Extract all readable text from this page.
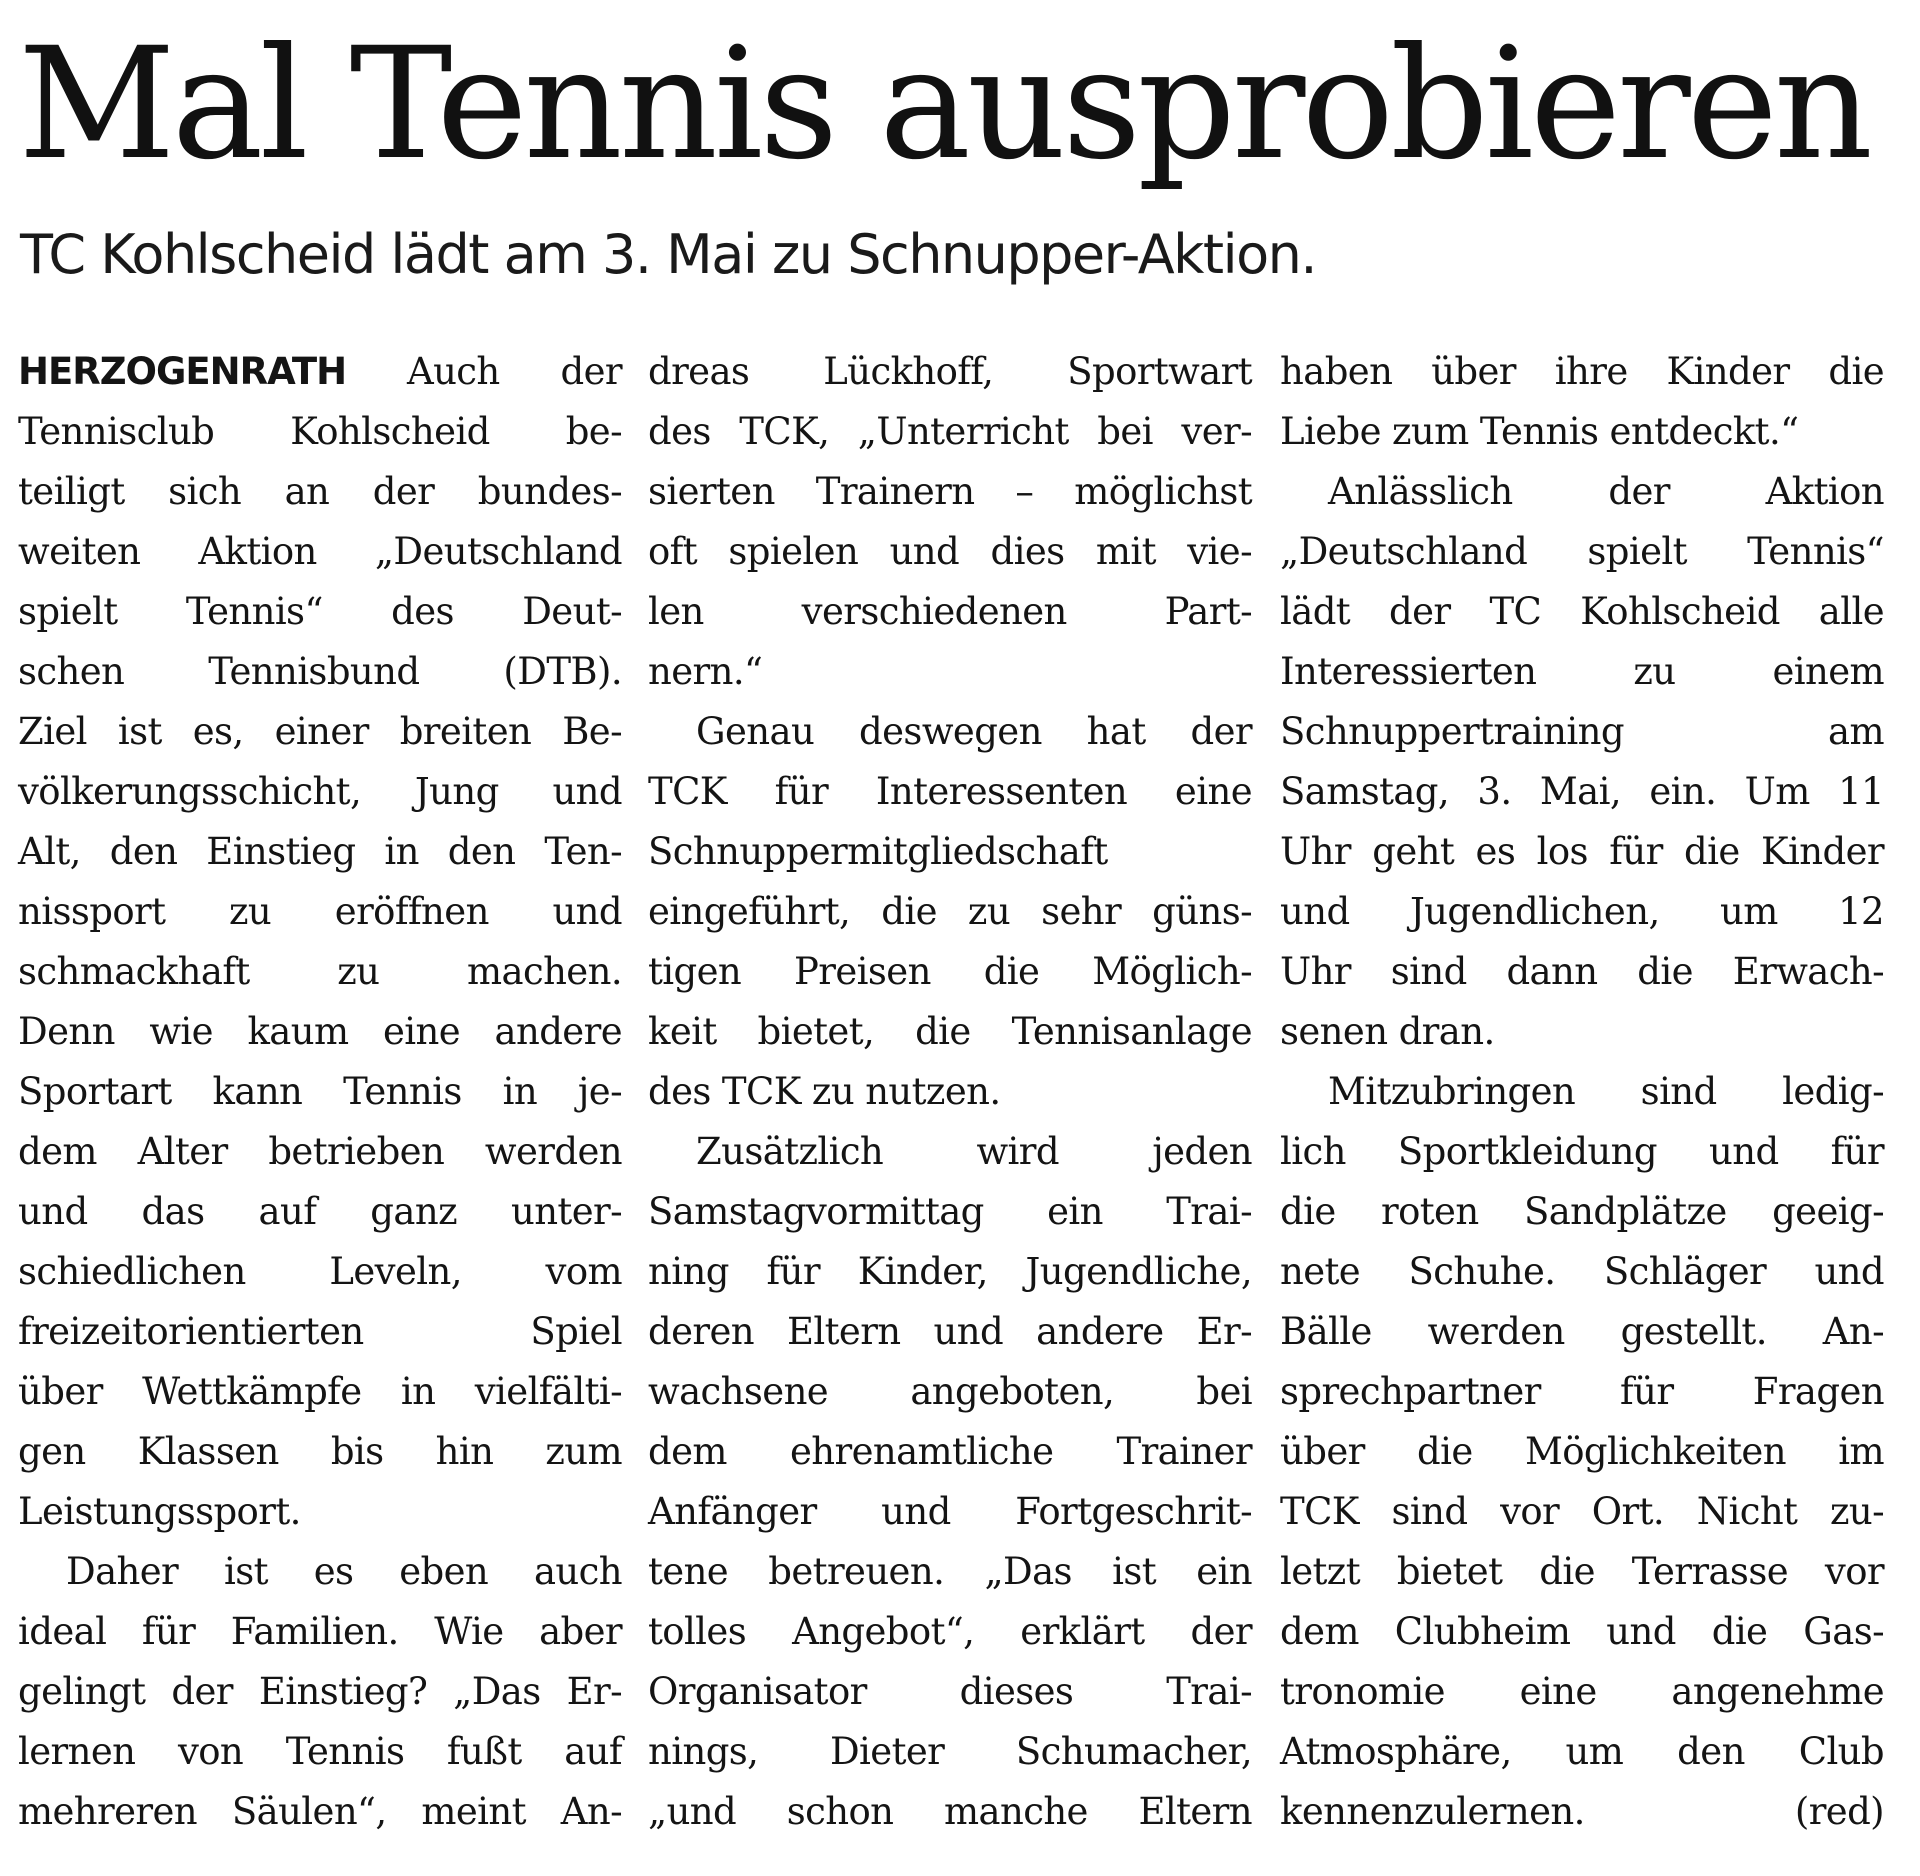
Mal Tennis ausprobieren
TC Kohlscheid lädt am 3. Mai zu Schnupper-Aktion.
HERZOGENRATH Auch der
Tennisclub Kohlscheid be-
teiligt sich an der bundes-
weiten Aktion „Deutschland
spielt Tennis“ des Deut-
schen Tennisbund (DTB).
Ziel ist es, einer breiten Be-
völkerungsschicht, Jung und
Alt, den Einstieg in den Ten-
nissport zu eröffnen und
schmackhaft zu machen.
Denn wie kaum eine andere
Sportart kann Tennis in je-
dem Alter betrieben werden
und das auf ganz unter-
schiedlichen Leveln, vom
freizeitorientierten Spiel
über Wettkämpfe in vielfälti-
gen Klassen bis hin zum
Leistungssport.
Daher ist es eben auch
ideal für Familien. Wie aber
gelingt der Einstieg? „Das Er-
lernen von Tennis fußt auf
mehreren Säulen“, meint An-
dreas Lückhoff, Sportwart
des TCK, „Unterricht bei ver-
sierten Trainern – möglichst
oft spielen und dies mit vie-
len verschiedenen Part-
nern.“
Genau deswegen hat der
TCK für Interessenten eine
Schnuppermitgliedschaft
eingeführt, die zu sehr güns-
tigen Preisen die Möglich-
keit bietet, die Tennisanlage
des TCK zu nutzen.
Zusätzlich wird jeden
Samstagvormittag ein Trai-
ning für Kinder, Jugendliche,
deren Eltern und andere Er-
wachsene angeboten, bei
dem ehrenamtliche Trainer
Anfänger und Fortgeschrit-
tene betreuen. „Das ist ein
tolles Angebot“, erklärt der
Organisator dieses Trai-
nings, Dieter Schumacher,
„und schon manche Eltern
haben über ihre Kinder die
Liebe zum Tennis entdeckt.“
Anlässlich der Aktion
„Deutschland spielt Tennis“
lädt der TC Kohlscheid alle
Interessierten zu einem
Schnuppertraining am
Samstag, 3. Mai, ein. Um 11
Uhr geht es los für die Kinder
und Jugendlichen, um 12
Uhr sind dann die Erwach-
senen dran.
Mitzubringen sind ledig-
lich Sportkleidung und für
die roten Sandplätze geeig-
nete Schuhe. Schläger und
Bälle werden gestellt. An-
sprechpartner für Fragen
über die Möglichkeiten im
TCK sind vor Ort. Nicht zu-
letzt bietet die Terrasse vor
dem Clubheim und die Gas-
tronomie eine angenehme
Atmosphäre, um den Club
kennenzulernen.	(red)
